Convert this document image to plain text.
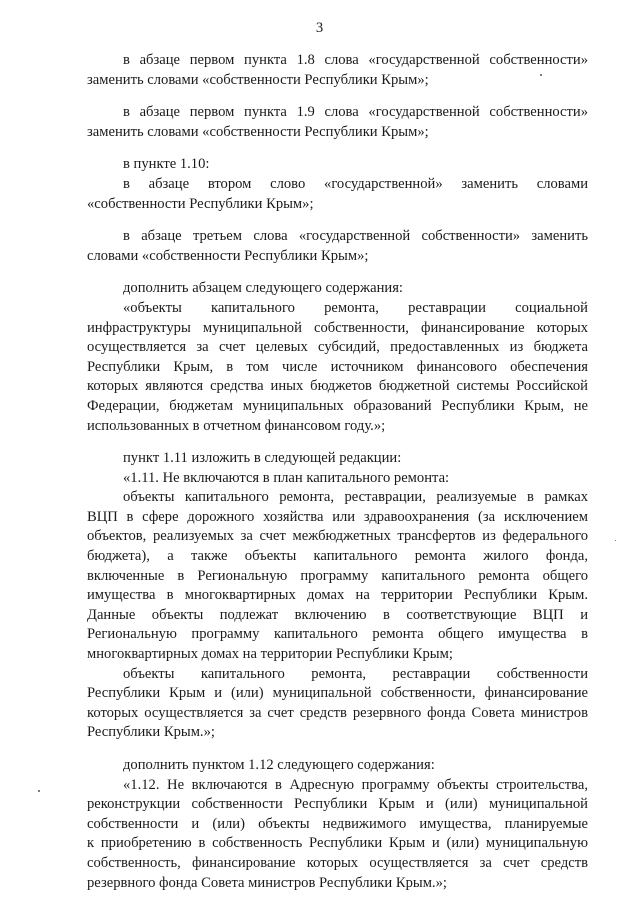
3
в абзаце первом пункта 1.8 слова «государственной собственности»
заменить словами «собственности Республики Крым»;
в абзаце первом пункта 1.9 слова «государственной собственности»
заменить словами «собственности Республики Крым»;
в пункте 1.10:
в абзаце втором слово «государственной» заменить словами
«собственности Республики Крым»;
в абзаце третьем слова «государственной собственности» заменить
словами «собственности Республики Крым»;
дополнить абзацем следующего содержания:
«объекты капитального ремонта, реставрации социальной
инфраструктуры муниципальной собственности, финансирование которых
осуществляется за счет целевых субсидий, предоставленных из бюджета
Республики Крым, в том числе источником финансового обеспечения
которых являются средства иных бюджетов бюджетной системы Российской
Федерации, бюджетам муниципальных образований Республики Крым, не
использованных в отчетном финансовом году.»;
пункт 1.11 изложить в следующей редакции:
«1.11. Не включаются в план капитального ремонта:
объекты капитального ремонта, реставрации, реализуемые в рамках
ВЦП в сфере дорожного хозяйства или здравоохранения (за исключением
объектов, реализуемых за счет межбюджетных трансфертов из федерального
бюджета), а также объекты капитального ремонта жилого фонда,
включенные в Региональную программу капитального ремонта общего
имущества в многоквартирных домах на территории Республики Крым.
Данные объекты подлежат включению в соответствующие ВЦП и
Региональную программу капитального ремонта общего имущества в
многоквартирных домах на территории Республики Крым;
объекты капитального ремонта, реставрации собственности
Республики Крым и (или) муниципальной собственности, финансирование
которых осуществляется за счет средств резервного фонда Совета министров
Республики Крым.»;
дополнить пунктом 1.12 следующего содержания:
«1.12. Не включаются в Адресную программу объекты строительства,
реконструкции собственности Республики Крым и (или) муниципальной
собственности и (или) объекты недвижимого имущества, планируемые
к приобретению в собственность Республики Крым и (или) муниципальную
собственность, финансирование которых осуществляется за счет средств
резервного фонда Совета министров Республики Крым.»;
